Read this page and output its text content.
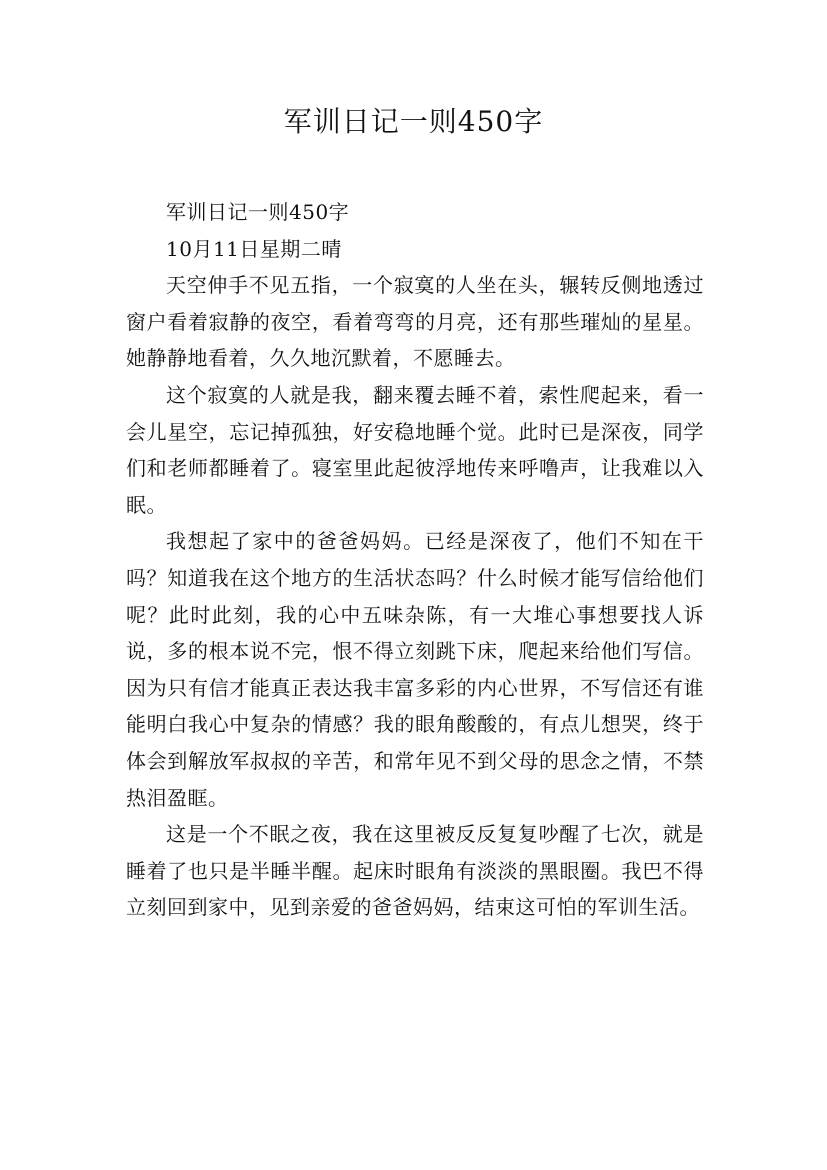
军训日记一则450字

军训日记一则450字

10月11日星期二晴

天空伸手不见五指，一个寂寞的人坐在头，辗转反侧地透过窗户看着寂静的夜空，看着弯弯的月亮，还有那些璀灿的星星。她静静地看着，久久地沉默着，不愿睡去。

这个寂寞的人就是我，翻来覆去睡不着，索性爬起来，看一会儿星空，忘记掉孤独，好安稳地睡个觉。此时已是深夜，同学们和老师都睡着了。寝室里此起彼浮地传来呼噜声，让我难以入眠。

我想起了家中的爸爸妈妈。已经是深夜了，他们不知在干吗？知道我在这个地方的生活状态吗？什么时候才能写信给他们呢？此时此刻，我的心中五味杂陈，有一大堆心事想要找人诉说，多的根本说不完，恨不得立刻跳下床，爬起来给他们写信。因为只有信才能真正表达我丰富多彩的内心世界，不写信还有谁能明白我心中复杂的情感？我的眼角酸酸的，有点儿想哭，终于体会到解放军叔叔的辛苦，和常年见不到父母的思念之情，不禁热泪盈眶。

这是一个不眠之夜，我在这里被反反复复吵醒了七次，就是睡着了也只是半睡半醒。起床时眼角有淡淡的黑眼圈。我巴不得立刻回到家中，见到亲爱的爸爸妈妈，结束这可怕的军训生活。
